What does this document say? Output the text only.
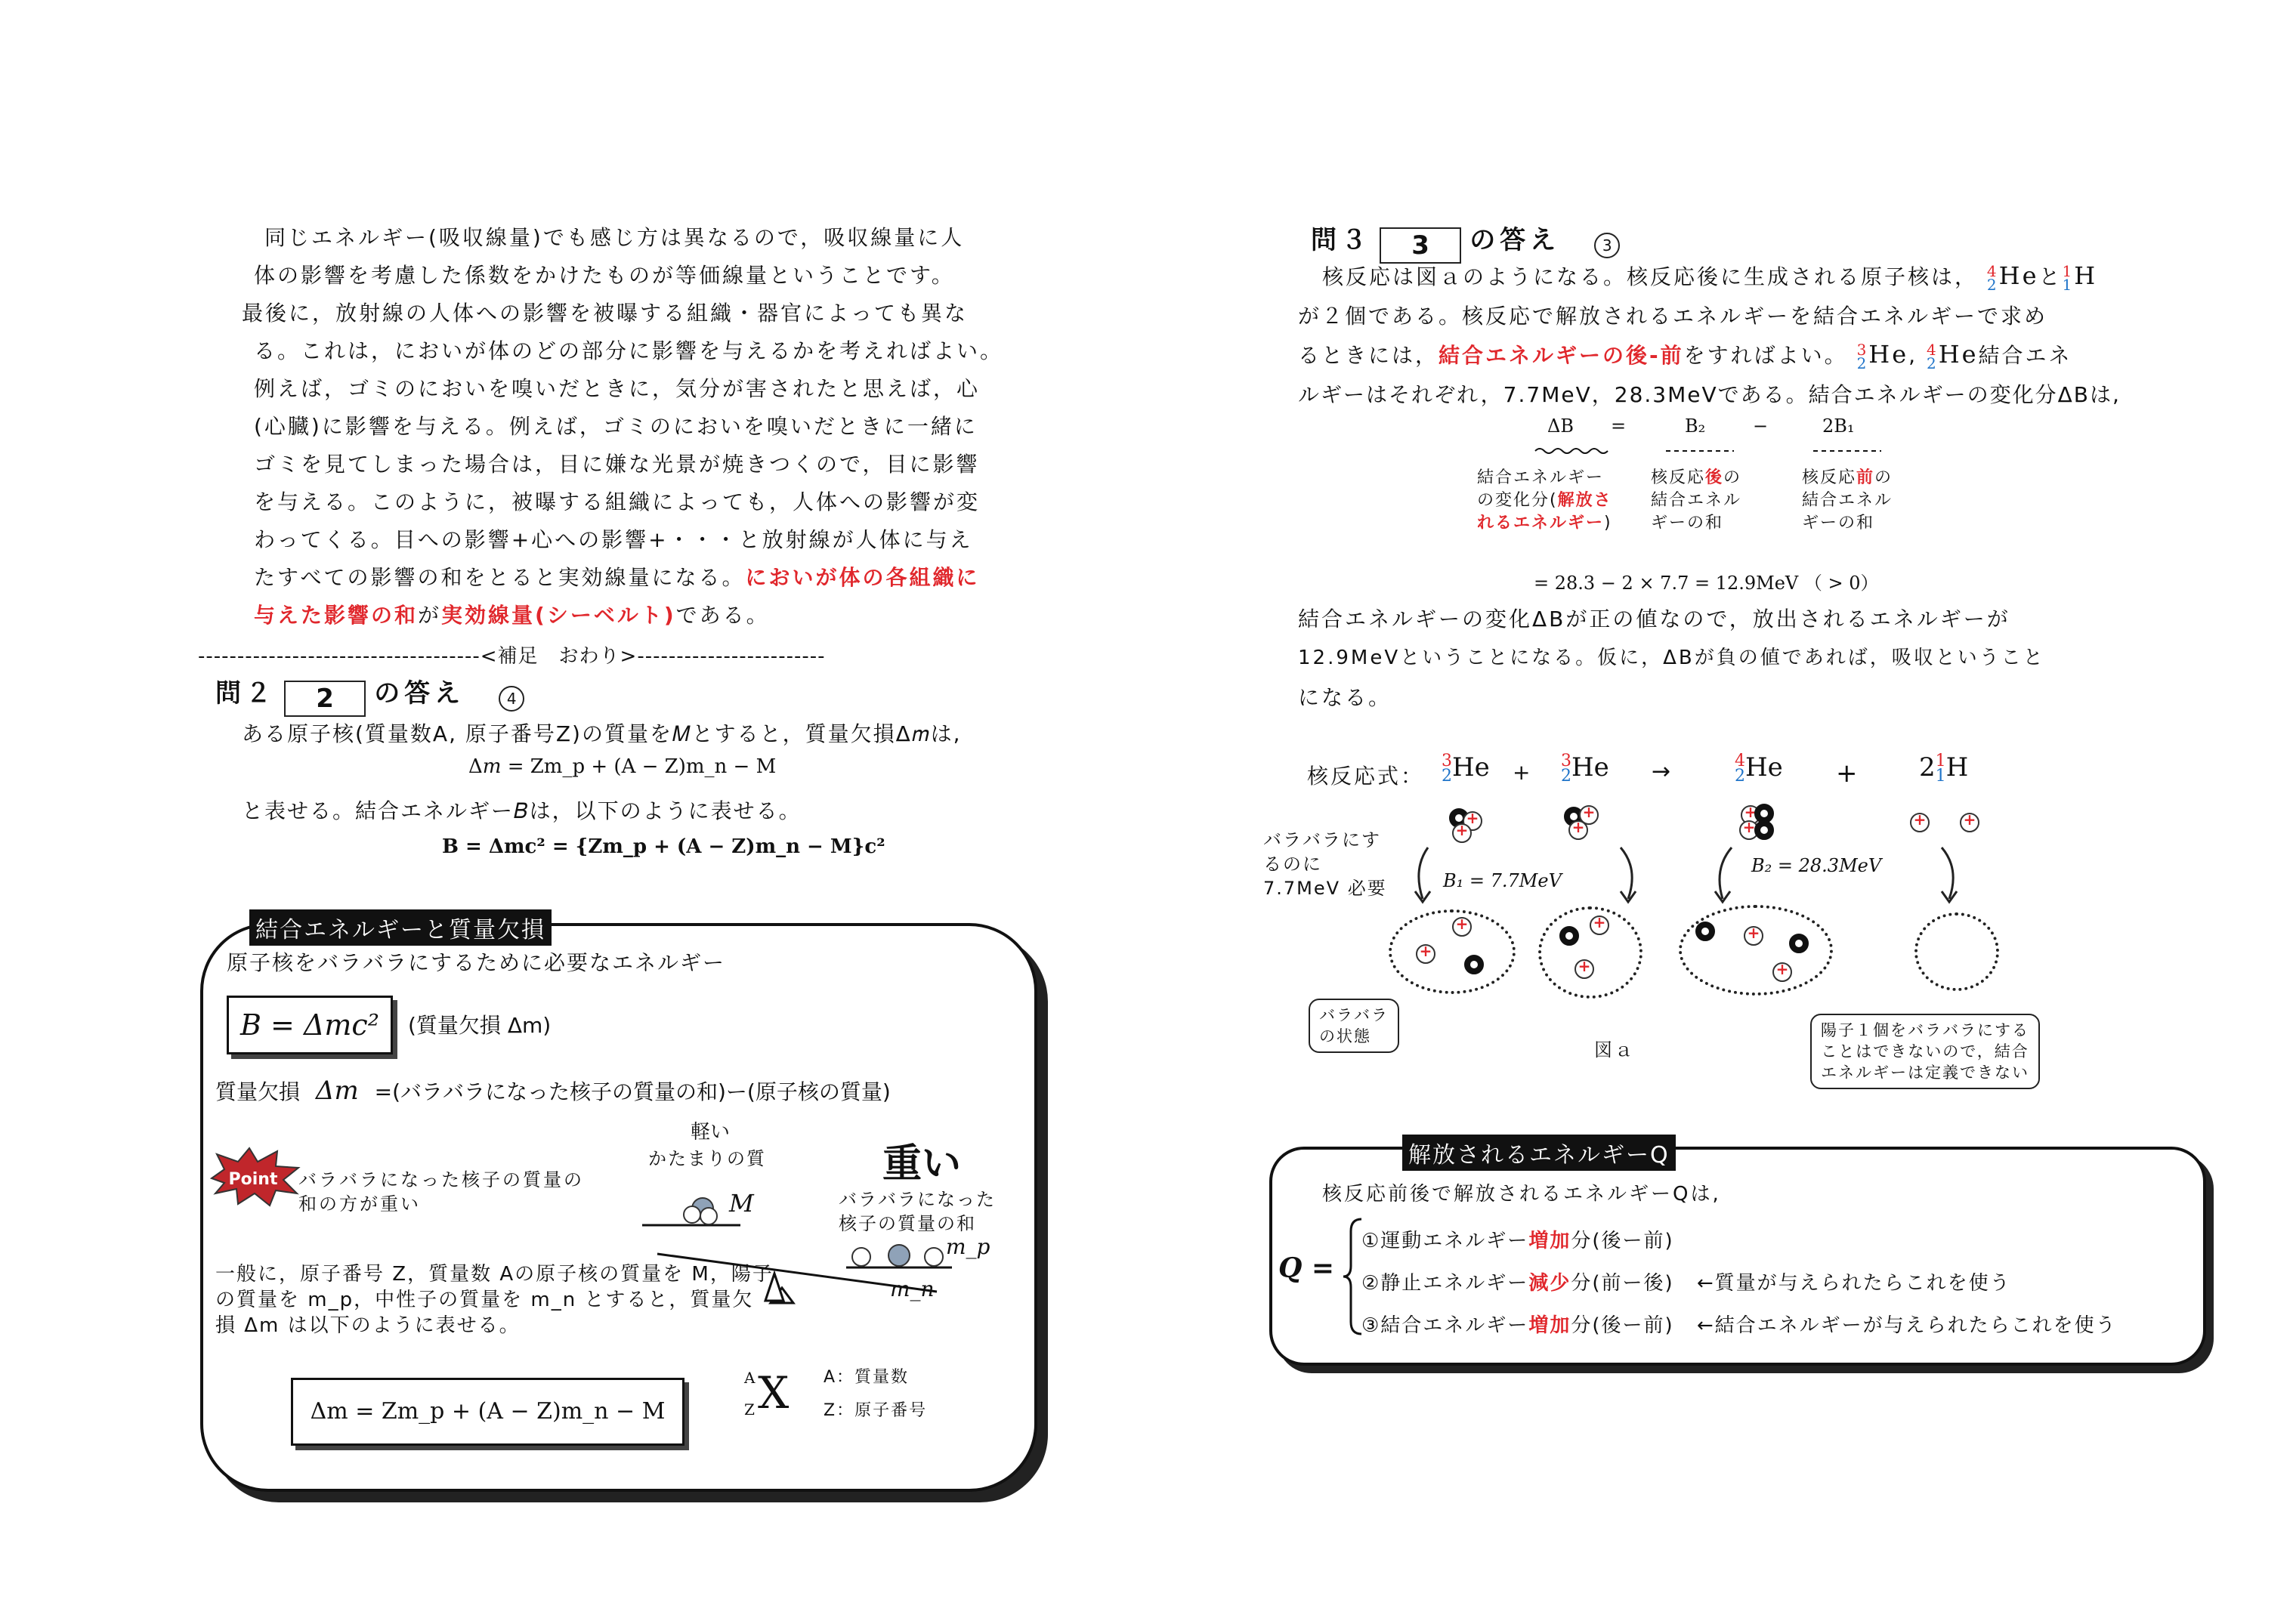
同じエネルギー(吸収線量)でも感じ方は異なるので，吸収線量に人
体の影響を考慮した係数をかけたものが等価線量ということです。
最後に，放射線の人体への影響を被曝する組織・器官によっても異な
る。これは，においが体のどの部分に影響を与えるかを考えればよい。
例えば，ゴミのにおいを嗅いだときに，気分が害されたと思えば，心
(心臓)に影響を与える。例えば，ゴミのにおいを嗅いだときに一緒に
ゴミを見てしまった場合は，目に嫌な光景が焼きつくので，目に影響
を与える。このように，被曝する組織によっても，人体への影響が変
わってくる。目への影響+心への影響+・・・と放射線が人体に与え
たすべての影響の和をとると実効線量になる。においが体の各組織に
与えた影響の和が実効線量(シーベルト)である。
------------------------------------<補足　おわり>------------------------
問２ 2 の答え	4
ある原子核(質量数A, 原子番号Z)の質量を𝑀とすると，質量欠損Δ𝑚は,
Δ𝑚 = Zm_p + (A − Z)m_n − M
と表せる。結合エネルギー𝐵は，以下のように表せる。
B = Δmc² = {Zm_p + (A − Z)m_n − M}c²
結合エネルギーと質量欠損
原子核をバラバラにするために必要なエネルギー
B = Δmc²	(質量欠損 Δm)
質量欠損 Δm =(バラバラになった核子の質量の和)ー(原子核の質量)
Point バラバラになった核子の質量の和の方が重い
軽い
かたまりの質	重い
バラバラになった
核子の質量の和
M
m_p
m_n
一般に，原子番号 Z，質量数 Aの原子核の質量を M，陽子の質量を m_p，中性子の質量を m_n とすると，質量欠損 Δm は以下のように表せる。
Δm = Zm_p + (A − Z)m_n − M
A
Z X A：質量数
Z：原子番号
問３ 3 の答え	3
核反応は図ａのようになる。核反応後に生成される原子核は， 4
2 Heと 1
1 H
が２個である。核反応で解放されるエネルギーを結合エネルギーで求め
るときには，結合エネルギーの後-前をすればよい。 3
2 He, 4
2 He結合エネ
ルギーはそれぞれ，7.7MeV，28.3MeVである。結合エネルギーの変化分ΔBは,
ΔB =	B₂	−	2B₁
結合エネルギー
の変化分(解放さ
れるエネルギー)
核反応後の
結合エネル
ギーの和
核反応前の
結合エネル
ギーの和
= 28.3 − 2 × 7.7 = 12.9MeV （ > 0）
結合エネルギーの変化ΔBが正の値なので，放出されるエネルギーが
12.9MeVということになる。仮に，ΔBが負の値であれば，吸収ということ
になる。
核反応式：
3
2 He + 3
2 He →	4
2 He + 2 1
1 H
+
+
+
+
+
+
+
+
バラバラにす
るのに
7.7MeV 必要	B₁ = 7.7MeV
B₂ = 28.3MeV
+
+
+
+
+
+
バラバラ
の状態
図ａ
陽子１個をバラバラにする
ことはできないので，結合
エネルギーは定義できない
解放されるエネルギーQ
核反応前後で解放されるエネルギーQは,
Q =
①運動エネルギー増加分(後ー前)
②静止エネルギー減少分(前ー後) ←質量が与えられたらこれを使う
③結合エネルギー増加分(後ー前) ←結合エネルギーが与えられたらこれを使う
